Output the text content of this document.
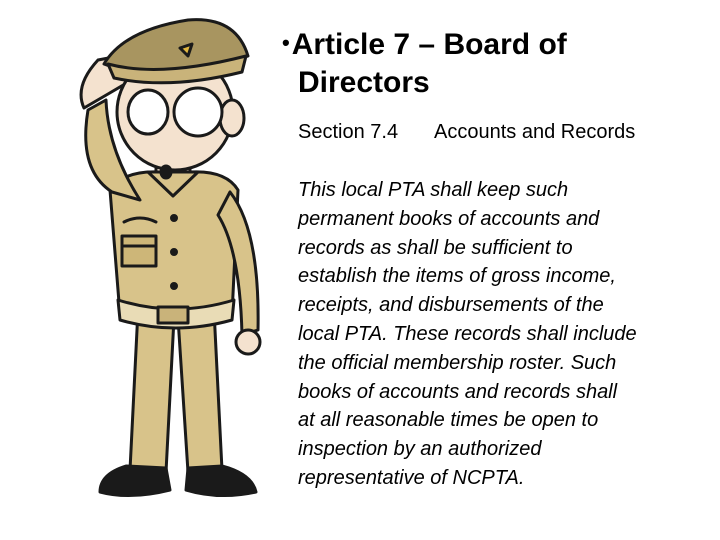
•Article 7 – Board of
Directors
Section 7.4 Accounts and Records
This local PTA shall keep such
permanent books of accounts and
records as shall be sufficient to
establish the items of gross income,
receipts, and disbursements of the
local PTA. These records shall include
the official membership roster. Such
books of accounts and records shall
at all reasonable times be open to
inspection by an authorized
representative of NCPTA.
